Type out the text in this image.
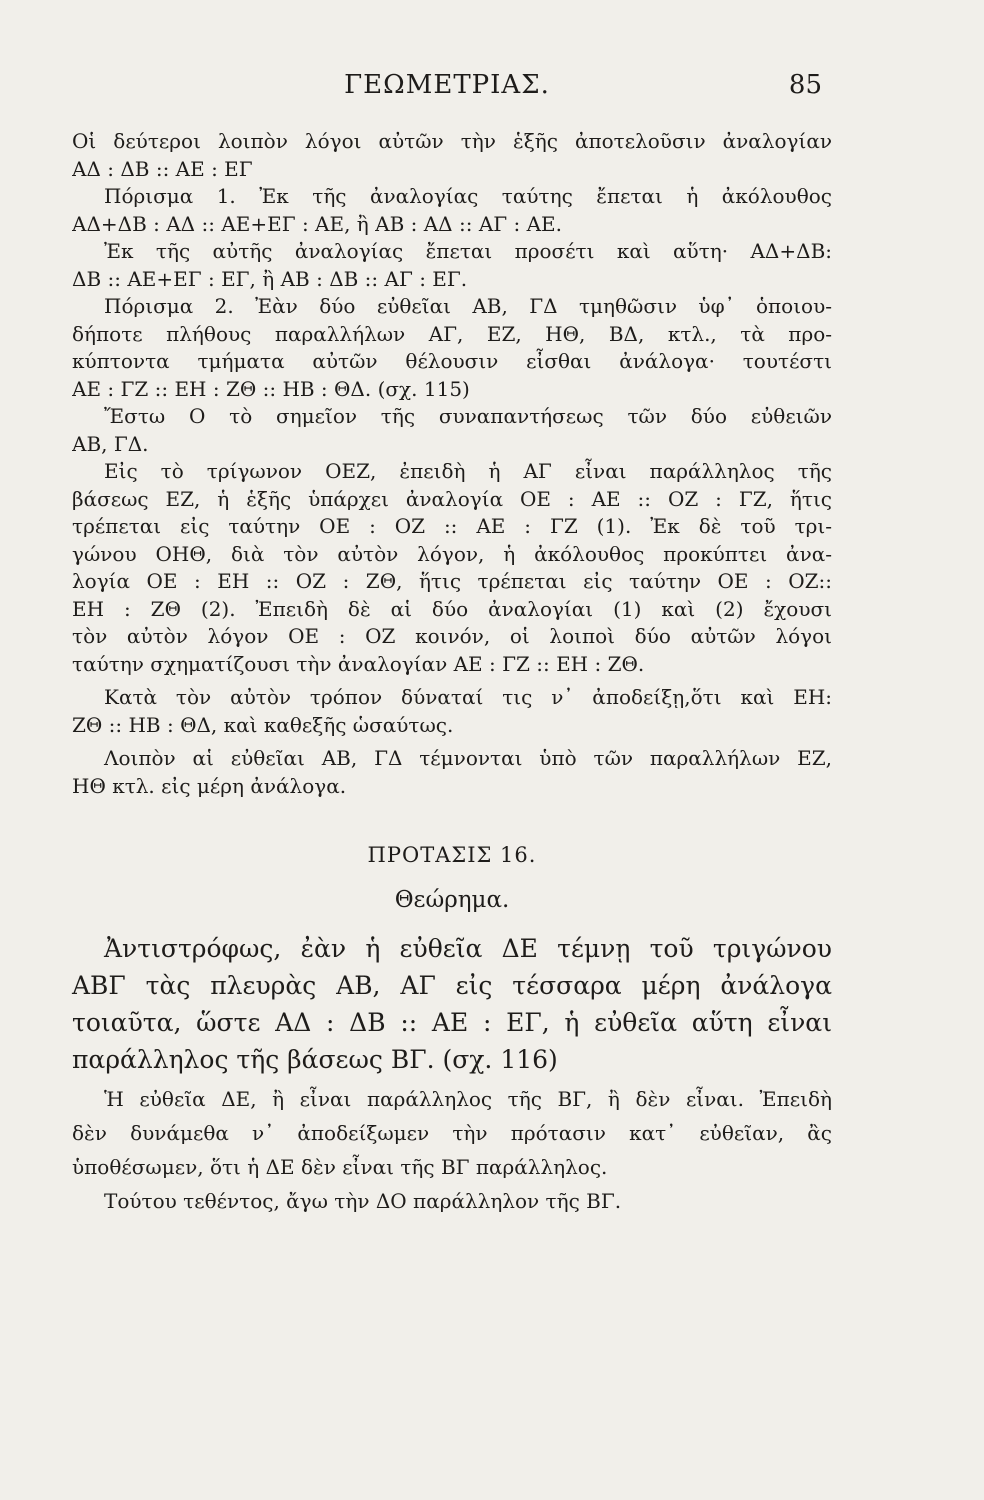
ΓΕΩΜΕΤΡΙΑΣ.	85
Οἱ δεύτεροι λοιπὸν λόγοι αὐτῶν τὴν ἑξῆς ἀποτελοῦσιν ἀναλογίαν
ΑΔ : ΔΒ :: ΑΕ : ΕΓ
Πόρισμα 1. Ἐκ τῆς ἀναλογίας ταύτης ἔπεται ἡ ἀκόλουθος
ΑΔ+ΔΒ : ΑΔ :: ΑΕ+ΕΓ : ΑΕ, ἢ ΑΒ : ΑΔ :: ΑΓ : ΑΕ.
Ἐκ τῆς αὐτῆς ἀναλογίας ἔπεται προσέτι καὶ αὕτη· ΑΔ+ΔΒ:
ΔΒ :: ΑΕ+ΕΓ : ΕΓ, ἢ ΑΒ : ΔΒ :: ΑΓ : ΕΓ.
Πόρισμα 2. Ἐὰν δύο εὐθεῖαι ΑΒ, ΓΔ τμηθῶσιν ὑφ᾽ ὁποιου-
δήποτε πλήθους παραλλήλων ΑΓ, ΕΖ, ΗΘ, ΒΔ, κτλ., τὰ προ-
κύπτοντα τμήματα αὐτῶν θέλουσιν εἶσθαι ἀνάλογα· τουτέστι
ΑΕ : ΓΖ :: ΕΗ : ΖΘ :: ΗΒ : ΘΔ. (σχ. 115)
Ἔστω Ο τὸ σημεῖον τῆς συναπαντήσεως τῶν δύο εὐθειῶν
ΑΒ, ΓΔ.
Εἰς τὸ τρίγωνον ΟΕΖ, ἐπειδὴ ἡ ΑΓ εἶναι παράλληλος τῆς
βάσεως ΕΖ, ἡ ἑξῆς ὑπάρχει ἀναλογία ΟΕ : ΑΕ :: ΟΖ : ΓΖ, ἥτις
τρέπεται εἰς ταύτην ΟΕ : ΟΖ :: ΑΕ : ΓΖ (1). Ἐκ δὲ τοῦ τρι-
γώνου ΟΗΘ, διὰ τὸν αὐτὸν λόγον, ἡ ἀκόλουθος προκύπτει ἀνα-
λογία ΟΕ : ΕΗ :: ΟΖ : ΖΘ, ἥτις τρέπεται εἰς ταύτην ΟΕ : ΟΖ::
ΕΗ : ΖΘ (2). Ἐπειδὴ δὲ αἱ δύο ἀναλογίαι (1) καὶ (2) ἔχουσι
τὸν αὐτὸν λόγον ΟΕ : ΟΖ κοινόν, οἱ λοιποὶ δύο αὐτῶν λόγοι
ταύτην σχηματίζουσι τὴν ἀναλογίαν ΑΕ : ΓΖ :: ΕΗ : ΖΘ.
Κατὰ τὸν αὐτὸν τρόπον δύναταί τις ν᾽ ἀποδείξῃ,ὅτι καὶ ΕΗ:
ΖΘ :: ΗΒ : ΘΔ, καὶ καθεξῆς ὡσαύτως.
Λοιπὸν αἱ εὐθεῖαι ΑΒ, ΓΔ τέμνονται ὑπὸ τῶν παραλλήλων ΕΖ,
ΗΘ κτλ. εἰς μέρη ἀνάλογα.
ΠΡΟΤΑΣΙΣ 16.
Θεώρημα.
Ἀντιστρόφως, ἐὰν ἡ εὐθεῖα ΔΕ τέμνῃ τοῦ τριγώνου
ΑΒΓ τὰς πλευρὰς ΑΒ, ΑΓ εἰς τέσσαρα μέρη ἀνάλογα
τοιαῦτα, ὥστε ΑΔ : ΔΒ :: ΑΕ : ΕΓ, ἡ εὐθεῖα αὕτη εἶναι
παράλληλος τῆς βάσεως ΒΓ. (σχ. 116)
Ἡ εὐθεῖα ΔΕ, ἢ εἶναι παράλληλος τῆς ΒΓ, ἢ δὲν εἶναι. Ἐπειδὴ
δὲν δυνάμεθα ν᾽ ἀποδείξωμεν τὴν πρότασιν κατ᾽ εὐθεῖαν, ἂς
ὑποθέσωμεν, ὅτι ἡ ΔΕ δὲν εἶναι τῆς ΒΓ παράλληλος.
Τούτου τεθέντος, ἄγω τὴν ΔΟ παράλληλον τῆς ΒΓ.
